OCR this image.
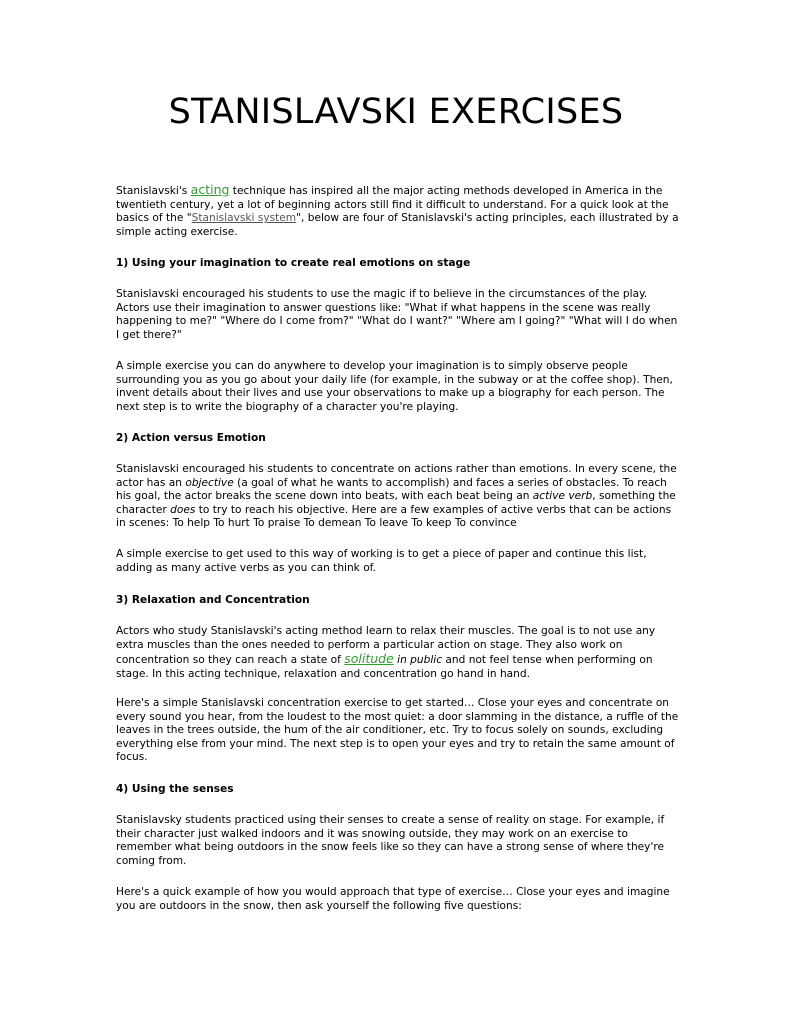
STANISLAVSKI EXERCISES

Stanislavski's acting technique has inspired all the major acting methods developed in America in the twentieth century, yet a lot of beginning actors still find it difficult to understand. For a quick look at the basics of the "Stanislavski system", below are four of Stanislavski's acting principles, each illustrated by a simple acting exercise.

1) Using your imagination to create real emotions on stage

Stanislavski encouraged his students to use the magic if to believe in the circumstances of the play. Actors use their imagination to answer questions like: "What if what happens in the scene was really happening to me?" "Where do I come from?" "What do I want?" "Where am I going?" "What will I do when I get there?"

A simple exercise you can do anywhere to develop your imagination is to simply observe people surrounding you as you go about your daily life (for example, in the subway or at the coffee shop). Then, invent details about their lives and use your observations to make up a biography for each person. The next step is to write the biography of a character you're playing.

2) Action versus Emotion

Stanislavski encouraged his students to concentrate on actions rather than emotions. In every scene, the actor has an objective (a goal of what he wants to accomplish) and faces a series of obstacles. To reach his goal, the actor breaks the scene down into beats, with each beat being an active verb, something the character does to try to reach his objective. Here are a few examples of active verbs that can be actions in scenes: To help To hurt To praise To demean To leave To keep To convince

A simple exercise to get used to this way of working is to get a piece of paper and continue this list, adding as many active verbs as you can think of.

3) Relaxation and Concentration

Actors who study Stanislavski's acting method learn to relax their muscles. The goal is to not use any extra muscles than the ones needed to perform a particular action on stage. They also work on concentration so they can reach a state of solitude in public and not feel tense when performing on stage. In this acting technique, relaxation and concentration go hand in hand.

Here's a simple Stanislavski concentration exercise to get started… Close your eyes and concentrate on every sound you hear, from the loudest to the most quiet: a door slamming in the distance, a ruffle of the leaves in the trees outside, the hum of the air conditioner, etc. Try to focus solely on sounds, excluding everything else from your mind. The next step is to open your eyes and try to retain the same amount of focus.

4) Using the senses

Stanislavsky students practiced using their senses to create a sense of reality on stage. For example, if their character just walked indoors and it was snowing outside, they may work on an exercise to remember what being outdoors in the snow feels like so they can have a strong sense of where they're coming from.

Here's a quick example of how you would approach that type of exercise… Close your eyes and imagine you are outdoors in the snow, then ask yourself the following five questions:
